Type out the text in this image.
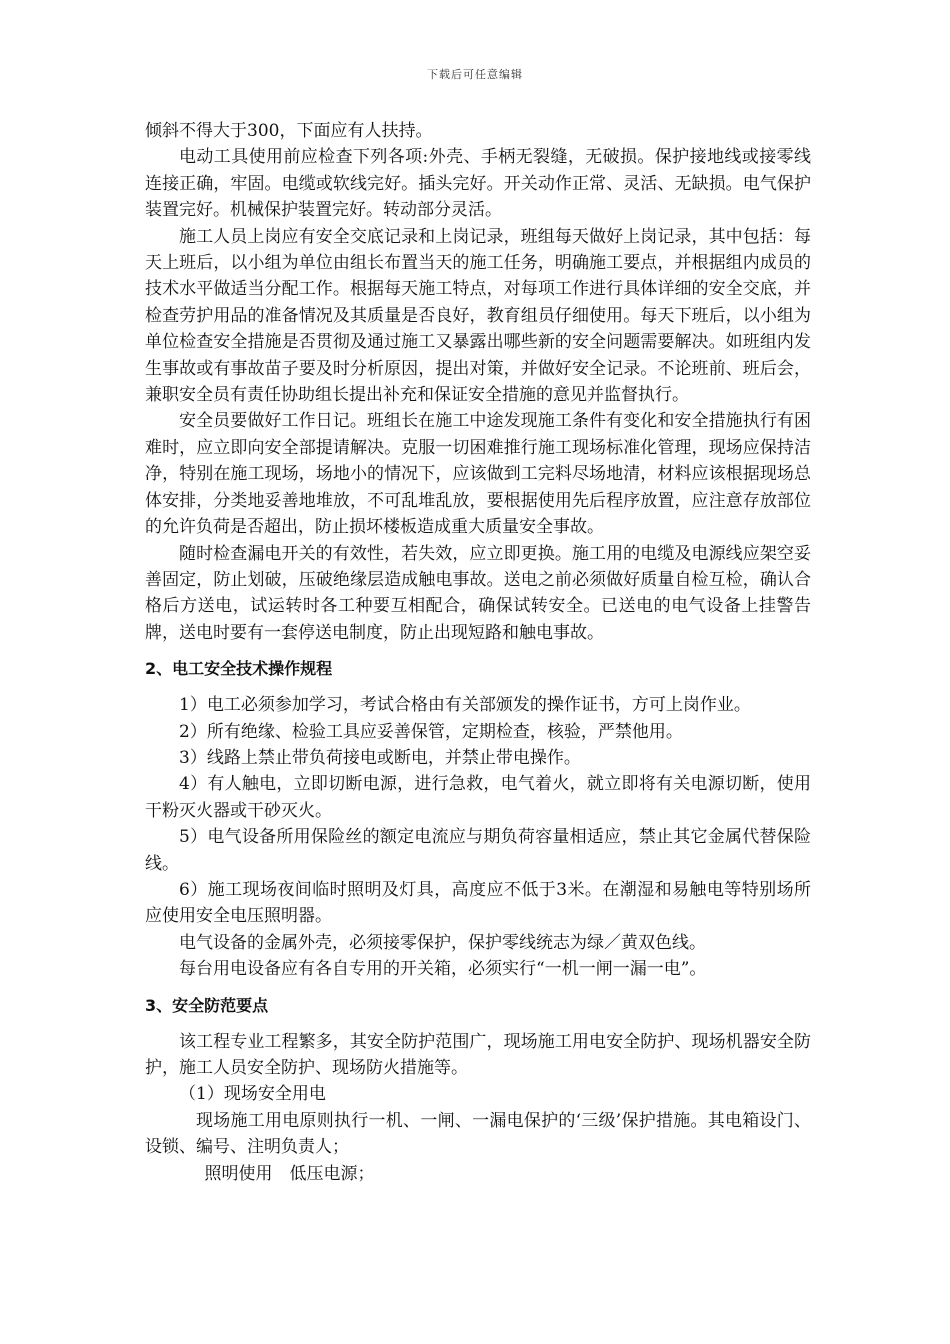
下载后可任意编辑

倾斜不得大于300，下面应有人扶持。

电动工具使用前应检查下列各项:外壳、手柄无裂缝，无破损。保护接地线或接零线连接正确，牢固。电缆或软线完好。插头完好。开关动作正常、灵活、无缺损。电气保护装置完好。机械保护装置完好。转动部分灵活。

施工人员上岗应有安全交底记录和上岗记录，班组每天做好上岗记录，其中包括：每天上班后，以小组为单位由组长布置当天的施工任务，明确施工要点，并根据组内成员的技术水平做适当分配工作。根据每天施工特点，对每项工作进行具体详细的安全交底，并检查劳护用品的准备情况及其质量是否良好，教育组员仔细使用。每天下班后，以小组为单位检查安全措施是否贯彻及通过施工又暴露出哪些新的安全问题需要解决。如班组内发生事故或有事故苗子要及时分析原因，提出对策，并做好安全记录。不论班前、班后会，兼职安全员有责任协助组长提出补充和保证安全措施的意见并监督执行。

安全员要做好工作日记。班组长在施工中途发现施工条件有变化和安全措施执行有困难时，应立即向安全部提请解决。克服一切困难推行施工现场标准化管理，现场应保持洁净，特别在施工现场，场地小的情况下，应该做到工完料尽场地清，材料应该根据现场总体安排，分类地妥善地堆放，不可乱堆乱放，要根据使用先后程序放置，应注意存放部位的允许负荷是否超出，防止损坏楼板造成重大质量安全事故。

随时检查漏电开关的有效性，若失效，应立即更换。施工用的电缆及电源线应架空妥善固定，防止划破，压破绝缘层造成触电事故。送电之前必须做好质量自检互检，确认合格后方送电，试运转时各工种要互相配合，确保试转安全。已送电的电气设备上挂警告牌，送电时要有一套停送电制度，防止出现短路和触电事故。

2、电工安全技术操作规程

1）电工必须参加学习，考试合格由有关部颁发的操作证书，方可上岗作业。

2）所有绝缘、检验工具应妥善保管，定期检查，核验，严禁他用。

3）线路上禁止带负荷接电或断电，并禁止带电操作。

4）有人触电，立即切断电源，进行急救，电气着火，就立即将有关电源切断，使用干粉灭火器或干砂灭火。

5）电气设备所用保险丝的额定电流应与期负荷容量相适应，禁止其它金属代替保险线。

6）施工现场夜间临时照明及灯具，高度应不低于3米。在潮湿和易触电等特别场所应使用安全电压照明器。

电气设备的金属外壳，必须接零保护，保护零线统志为绿／黄双色线。

每台用电设备应有各自专用的开关箱，必须实行“一机一闸一漏一电”。

3、安全防范要点

该工程专业工程繁多，其安全防护范围广，现场施工用电安全防护、现场机器安全防护，施工人员安全防护、现场防火措施等。

（1）现场安全用电

现场施工用电原则执行一机、一闸、一漏电保护的‘三级’保护措施。其电箱设门、设锁、编号、注明负责人；

照明使用　低压电源；
